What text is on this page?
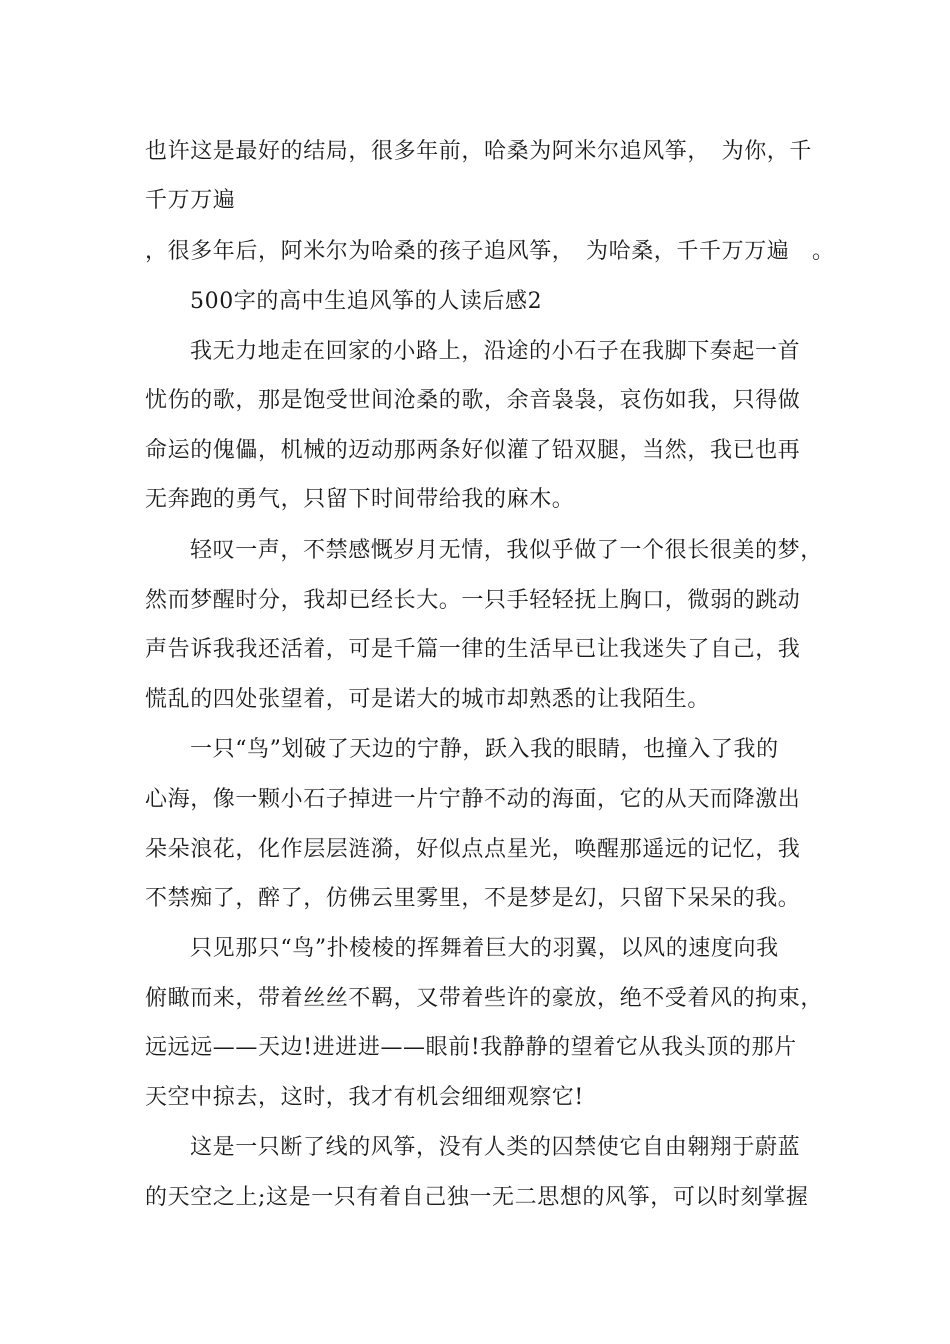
也许这是最好的结局，很多年前，哈桑为阿米尔追风筝，　为你，千
千万万遍
，很多年后，阿米尔为哈桑的孩子追风筝，　为哈桑，千千万万遍　。
500字的高中生追风筝的人读后感2
我无力地走在回家的小路上，沿途的小石子在我脚下奏起一首
忧伤的歌，那是饱受世间沧桑的歌，余音袅袅，哀伤如我，只得做
命运的傀儡，机械的迈动那两条好似灌了铅双腿，当然，我已也再
无奔跑的勇气，只留下时间带给我的麻木。
轻叹一声，不禁感慨岁月无情，我似乎做了一个很长很美的梦，
然而梦醒时分，我却已经长大。一只手轻轻抚上胸口，微弱的跳动
声告诉我我还活着，可是千篇一律的生活早已让我迷失了自己，我
慌乱的四处张望着，可是诺大的城市却熟悉的让我陌生。
一只“鸟”划破了天边的宁静，跃入我的眼睛，也撞入了我的
心海，像一颗小石子掉进一片宁静不动的海面，它的从天而降激出
朵朵浪花，化作层层涟漪，好似点点星光，唤醒那遥远的记忆，我
不禁痴了，醉了，仿佛云里雾里，不是梦是幻，只留下呆呆的我。
只见那只“鸟”扑棱棱的挥舞着巨大的羽翼，以风的速度向我
俯瞰而来，带着丝丝不羁，又带着些许的豪放，绝不受着风的拘束，
远远远——天边!进进进——眼前!我静静的望着它从我头顶的那片
天空中掠去，这时，我才有机会细细观察它!
这是一只断了线的风筝，没有人类的囚禁使它自由翱翔于蔚蓝
的天空之上;这是一只有着自己独一无二思想的风筝，可以时刻掌握
